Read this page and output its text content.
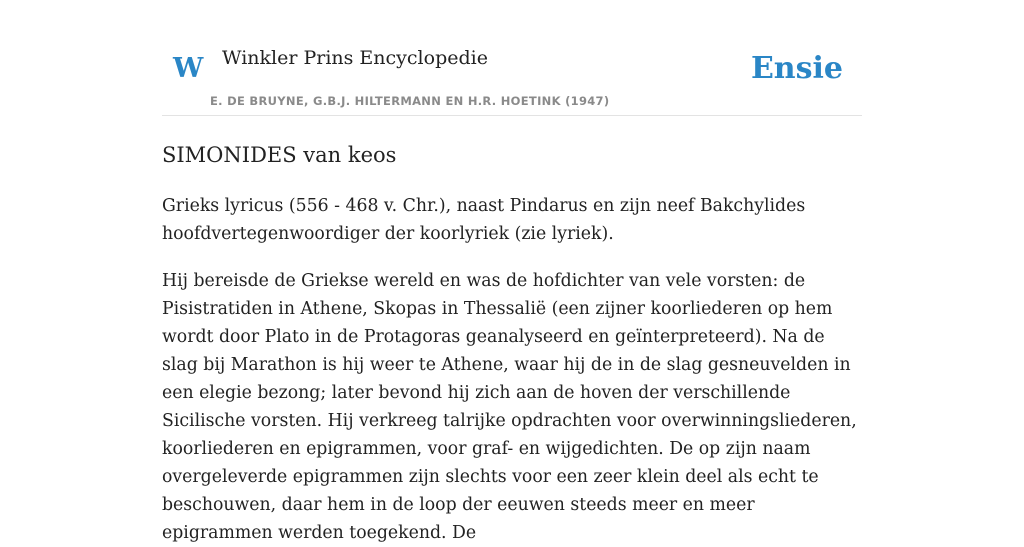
W Winkler Prins Encyclopedie
E. DE BRUYNE, G.B.J. HILTERMANN EN H.R. HOETINK (1947)
Ensie
SIMONIDES van keos

Grieks lyricus (556 - 468 v. Chr.), naast Pindarus en zijn neef Bakchylides hoofdvertegenwoordiger der koorlyriek (zie lyriek).

Hij bereisde de Griekse wereld en was de hofdichter van vele vorsten: de Pisistratiden in Athene, Skopas in Thessalië (een zijner koorliederen op hem wordt door Plato in de Protagoras geanalyseerd en geïnterpreteerd). Na de slag bij Marathon is hij weer te Athene, waar hij de in de slag gesneuvelden in een elegie bezong; later bevond hij zich aan de hoven der verschillende Sicilische vorsten. Hij verkreeg talrijke opdrachten voor overwinningsliederen, koorliederen en epigrammen, voor graf- en wijgedichten. De op zijn naam overgeleverde epigrammen zijn slechts voor een zeer klein deel als echt te beschouwen, daar hem in de loop der eeuwen steeds meer en meer epigrammen werden toegekend. De
